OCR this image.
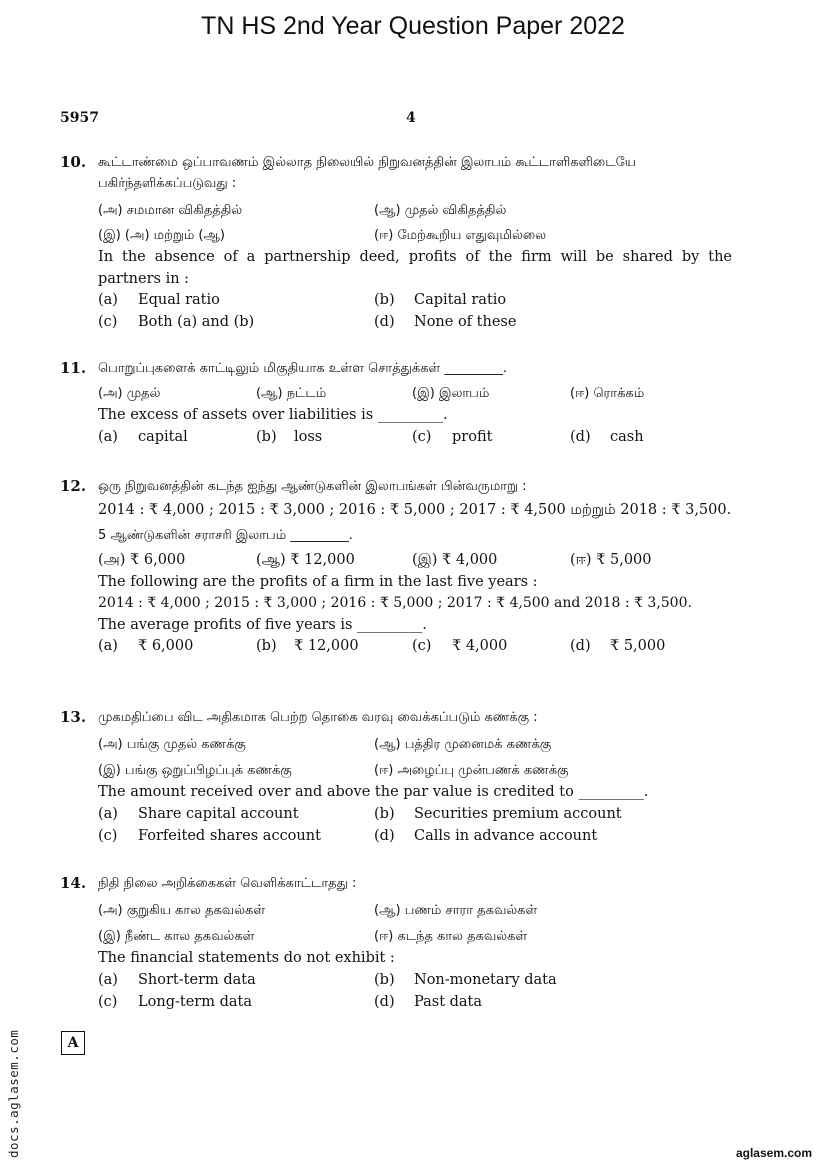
TN HS 2nd Year Question Paper 2022
5957	4
10. கூட்டாண்மை ஒப்பாவணம் இல்லாத நிலையில் நிறுவனத்தின் இலாபம் கூட்டாளிகளிடையே பகிர்ந்தளிக்கப்படுவது :
(அ) சமமான விகிதத்தில்	(ஆ) முதல் விகிதத்தில்
(இ) (அ) மற்றும் (ஆ)	(ஈ) மேற்கூறிய எதுவுமில்லை
In the absence of a partnership deed, profits of the firm will be shared by the partners in :
(a) Equal ratio	(b) Capital ratio
(c) Both (a) and (b)	(d) None of these
11. பொறுப்புகளைக் காட்டிலும் மிகுதியாக உள்ள சொத்துக்கள் _________.
(அ) முதல்	(ஆ) நட்டம்	(இ) இலாபம்	(ஈ) ரொக்கம்
The excess of assets over liabilities is _________.
(a) capital	(b) loss	(c) profit	(d) cash
12. ஒரு நிறுவனத்தின் கடந்த ஐந்து ஆண்டுகளின் இலாபங்கள் பின்வருமாறு :
2014 : ₹ 4,000 ; 2015 : ₹ 3,000 ; 2016 : ₹ 5,000 ; 2017 : ₹ 4,500 மற்றும் 2018 : ₹ 3,500.
5 ஆண்டுகளின் சராசரி இலாபம் _________.
(அ) ₹ 6,000	(ஆ) ₹ 12,000	(இ) ₹ 4,000	(ஈ) ₹ 5,000
The following are the profits of a firm in the last five years :
2014 : ₹ 4,000 ; 2015 : ₹ 3,000 ; 2016 : ₹ 5,000 ; 2017 : ₹ 4,500 and 2018 : ₹ 3,500.
The average profits of five years is _________.
(a) ₹ 6,000	(b) ₹ 12,000	(c) ₹ 4,000	(d) ₹ 5,000
13. முகமதிப்பை விட அதிகமாக பெற்ற தொகை வரவு வைக்கப்படும் கணக்கு :
(அ) பங்கு முதல் கணக்கு	(ஆ) பத்திர முனைமக் கணக்கு
(இ) பங்கு ஒறுப்பிழப்புக் கணக்கு	(ஈ) அழைப்பு முன்பணக் கணக்கு
The amount received over and above the par value is credited to _________.
(a) Share capital account	(b) Securities premium account
(c) Forfeited shares account	(d) Calls in advance account
14. நிதி நிலை அறிக்கைகள் வெளிக்காட்டாதது :
(அ) குறுகிய கால தகவல்கள்	(ஆ) பணம் சாரா தகவல்கள்
(இ) நீண்ட கால தகவல்கள்	(ஈ) கடந்த கால தகவல்கள்
The financial statements do not exhibit :
(a) Short-term data	(b) Non-monetary data
(c) Long-term data	(d) Past data
A
docs.aglasem.com	aglasem.com
